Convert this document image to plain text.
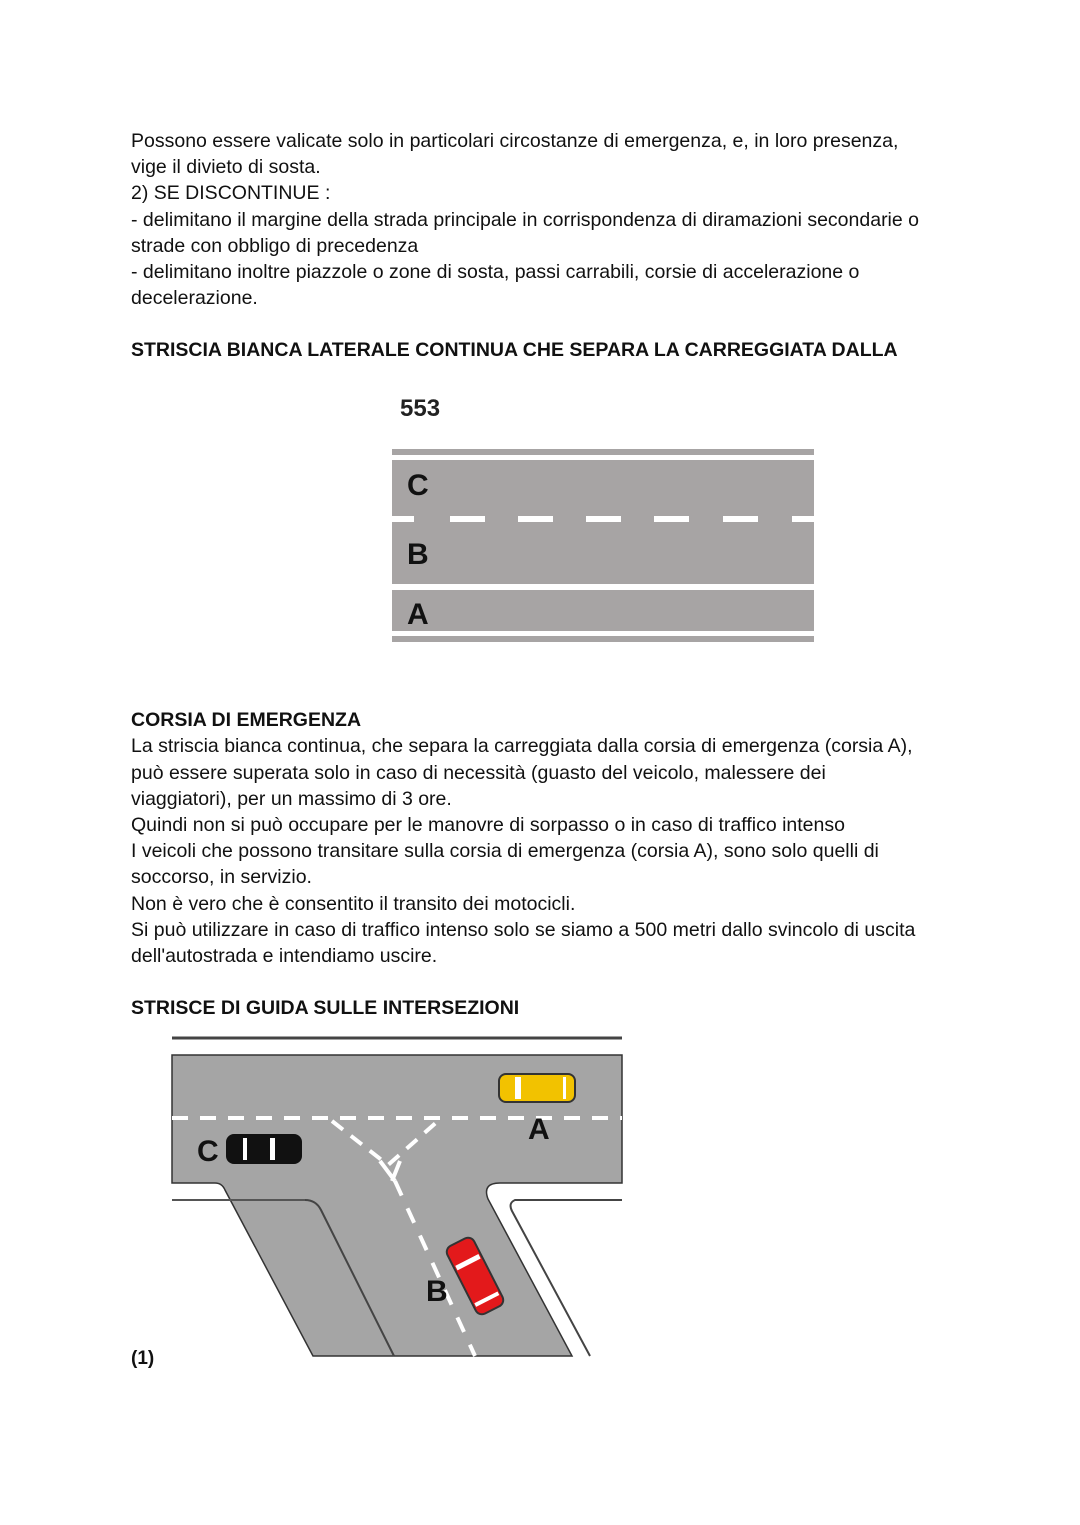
Possono essere valicate solo in particolari circostanze di emergenza, e, in loro presenza,

vige il divieto di sosta.

2) SE DISCONTINUE :

- delimitano il margine della strada principale in corrispondenza di diramazioni secondarie o

strade con obbligo di precedenza

- delimitano inoltre piazzole o zone di sosta, passi carrabili, corsie di accelerazione o

decelerazione.

STRISCIA BIANCA LATERALE CONTINUA CHE SEPARA LA CARREGGIATA DALLA

CORSIA DI EMERGENZA

La striscia bianca continua, che separa la carreggiata dalla corsia di emergenza (corsia A),

può essere superata solo in caso di necessità (guasto del veicolo, malessere dei

viaggiatori), per un massimo di 3 ore.

Quindi non si può occupare per le manovre di sorpasso o in caso di traffico intenso

I veicoli che possono transitare sulla corsia di emergenza (corsia A), sono solo quelli di

soccorso, in servizio.

Non è vero che è consentito il transito dei motocicli.

Si può utilizzare in caso di traffico intenso solo se siamo a 500 metri dallo svincolo di uscita

dell'autostrada e intendiamo uscire.

STRISCE DI GUIDA SULLE INTERSEZIONI

553
C
B
A
A
C
B
(1)
